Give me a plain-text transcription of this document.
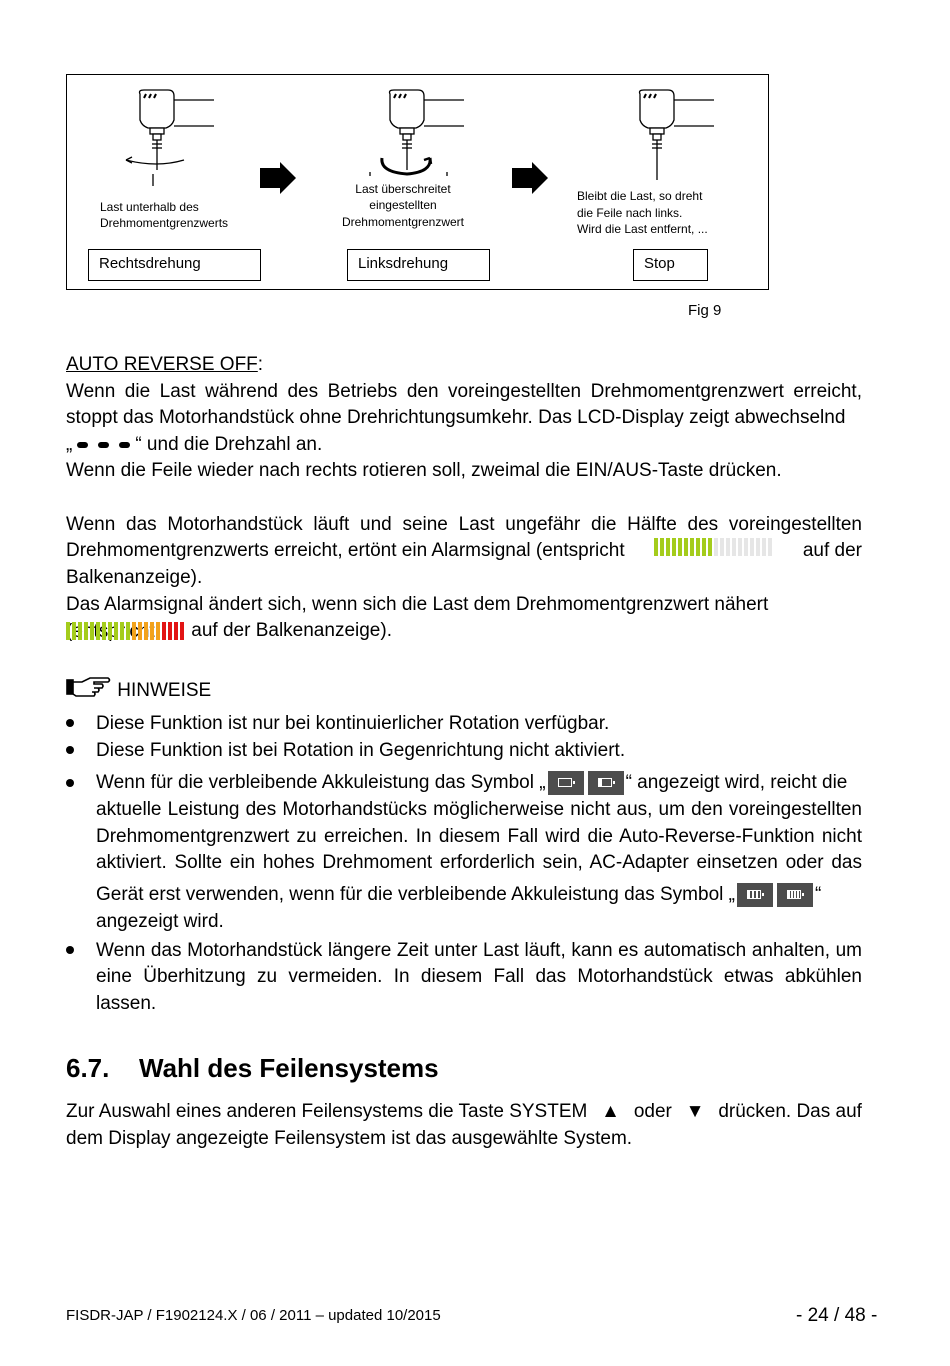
Last unterhalb des
Drehmomentgrenzwerts
Last überschreitet
eingestellten
Drehmomentgrenzwert
Bleibt die Last, so dreht
die Feile nach links.
Wird die Last entfernt, ...
Rechtsdrehung	Linksdrehung	Stop
Fig 9
AUTO REVERSE OFF:
Wenn die Last während des Betriebs den voreingestellten Drehmomentgrenzwert erreicht,
stoppt das Motorhandstück ohne Drehrichtungsumkehr. Das LCD-Display zeigt abwechselnd
„	“ und die Drehzahl an.
Wenn die Feile wieder nach rechts rotieren soll, zweimal die EIN/AUS-Taste drücken.
Wenn das Motorhandstück läuft und seine Last ungefähr die Hälfte des voreingestellten
Drehmomentgrenzwerts erreicht, ertönt ein Alarmsignal (entspricht	auf der
Balkenanzeige).
Das Alarmsignal ändert sich, wenn sich die Last dem Drehmomentgrenzwert nähert
auf der Balkenanzeige).
HINWEISE
Diese Funktion ist nur bei kontinuierlicher Rotation verfügbar.
Diese Funktion ist bei Rotation in Gegenrichtung nicht aktiviert.
Wenn für die verbleibende Akkuleistung das Symbol „	“ angezeigt wird, reicht die
aktuelle Leistung des Motorhandstücks möglicherweise nicht aus, um den voreingestellten
Drehmomentgrenzwert zu erreichen. In diesem Fall wird die Auto-Reverse-Funktion nicht
aktiviert. Sollte ein hohes Drehmoment erforderlich sein, AC-Adapter einsetzen oder das
Gerät erst verwenden, wenn für die verbleibende Akkuleistung das Symbol „	“
angezeigt wird.
Wenn das Motorhandstück längere Zeit unter Last läuft, kann es automatisch anhalten, um
eine Überhitzung zu vermeiden. In diesem Fall das Motorhandstück etwas abkühlen
lassen.
6.7. Wahl des Feilensystems
Zur Auswahl eines anderen Feilensystems die Taste SYSTEM ▲ oder ▼ drücken. Das auf
dem Display angezeigte Feilensystem ist das ausgewählte System.
FISDR-JAP / F1902124.X / 06 / 2011 – updated 10/2015	- 24 / 48 -
